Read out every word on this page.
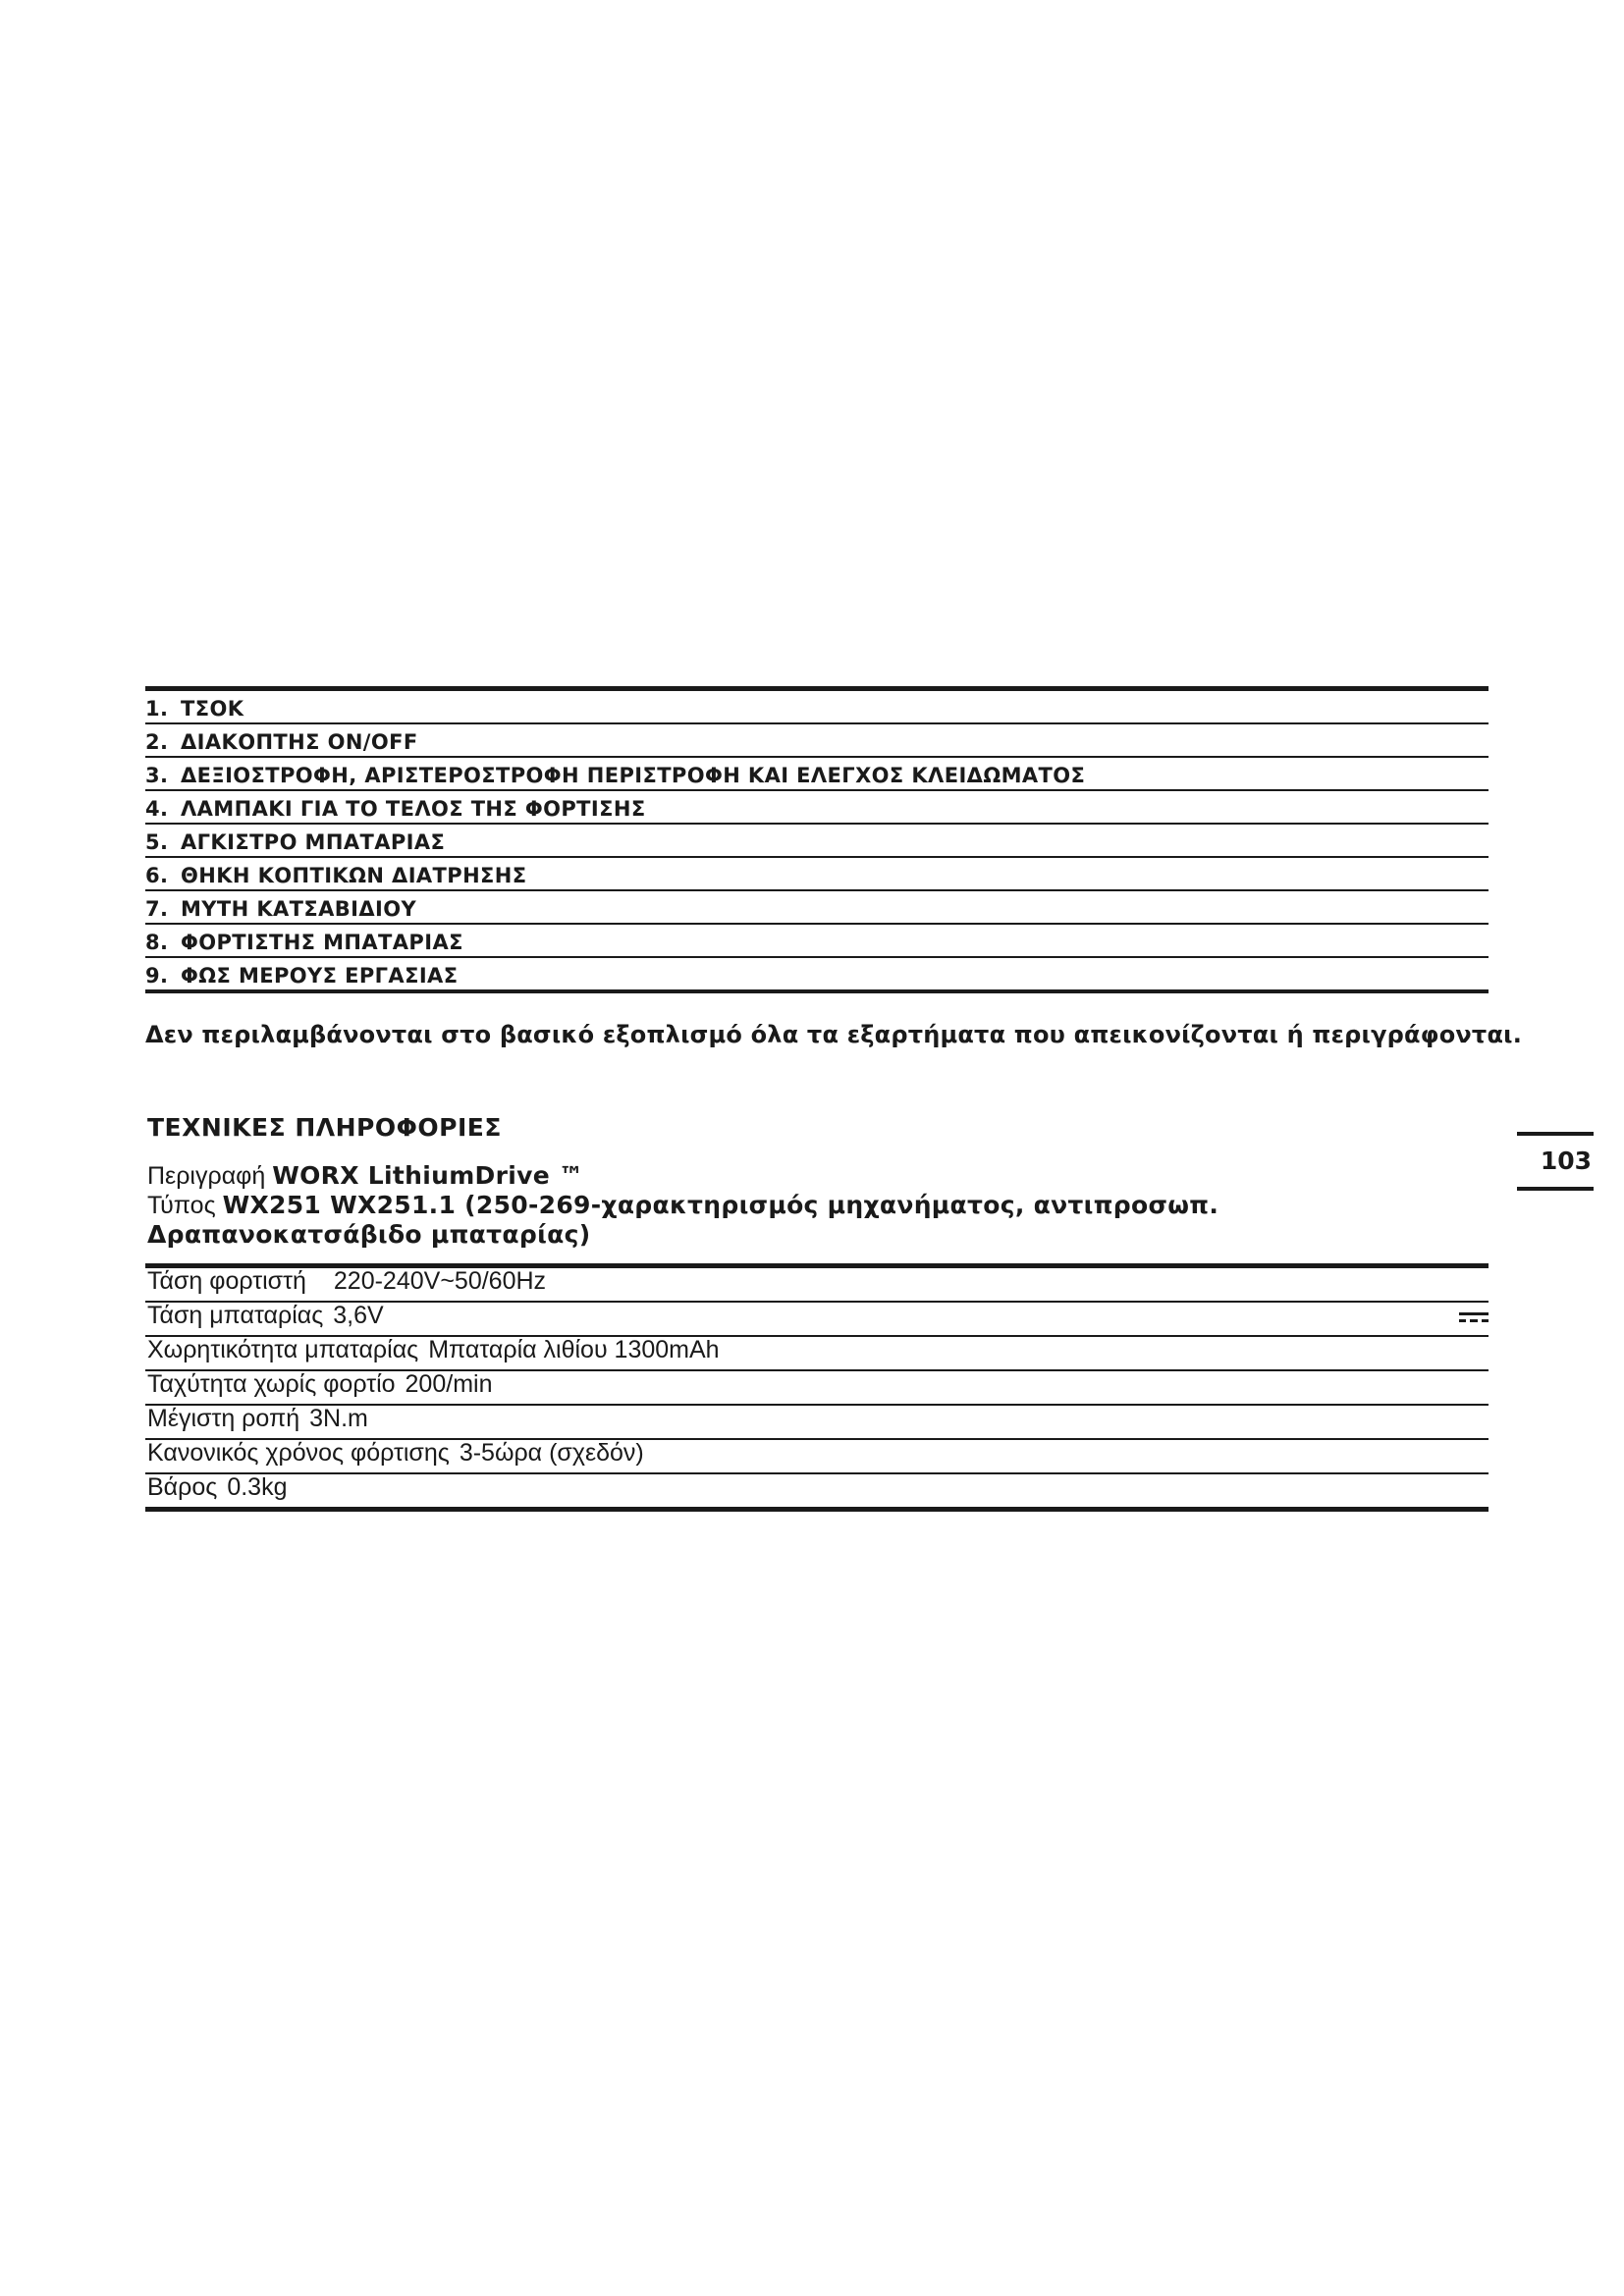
1. ΤΣΟΚ
2. ΔΙΑΚΟΠΤΗΣ ON/OFF
3. ΔΕΞΙΟΣΤΡΟΦΗ, ΑΡΙΣΤΕΡΟΣΤΡΟΦΗ ΠΕΡΙΣΤΡΟΦΗ ΚΑΙ ΕΛΕΓΧΟΣ ΚΛΕΙΔΩΜΑΤΟΣ
4. ΛΑΜΠΑΚΙ ΓΙΑ ΤΟ ΤΕΛΟΣ ΤΗΣ ΦΟΡΤΙΣΗΣ
5. ΑΓΚΙΣΤΡΟ ΜΠΑΤΑΡΙΑΣ
6. ΘΗΚΗ ΚΟΠΤΙΚΩΝ ΔΙΑΤΡΗΣΗΣ
7. ΜΥΤΗ ΚΑΤΣΑΒΙΔΙΟΥ
8. ΦΟΡΤΙΣΤΗΣ ΜΠΑΤΑΡΙΑΣ
9. ΦΩΣ ΜΕΡΟΥΣ ΕΡΓΑΣΙΑΣ
Δεν περιλαμβάνονται στο βασικό εξοπλισμό όλα τα εξαρτήματα που απεικονίζονται ή περιγράφονται.
ΤΕΧΝΙΚΕΣ ΠΛΗΡΟΦΟΡΙΕΣ
Περιγραφή WORX LithiumDrive ™
Τύπος WX251 WX251.1 (250-269-χαρακτηρισμός μηχανήματος, αντιπροσωπ.
Δραπανοκατσάβιδο μπαταρίας)
Τάση φορτιστή 220-240V~50/60Hz
Τάση μπαταρίας 3,6V
Χωρητικότητα μπαταρίας Μπαταρία λιθίου 1300mAh
Ταχύτητα χωρίς φορτίο 200/min
Μέγιστη ροπή 3N.m
Κανονικός χρόνος φόρτισης 3-5ώρα (σχεδόν)
Βάρος 0.3kg
103
